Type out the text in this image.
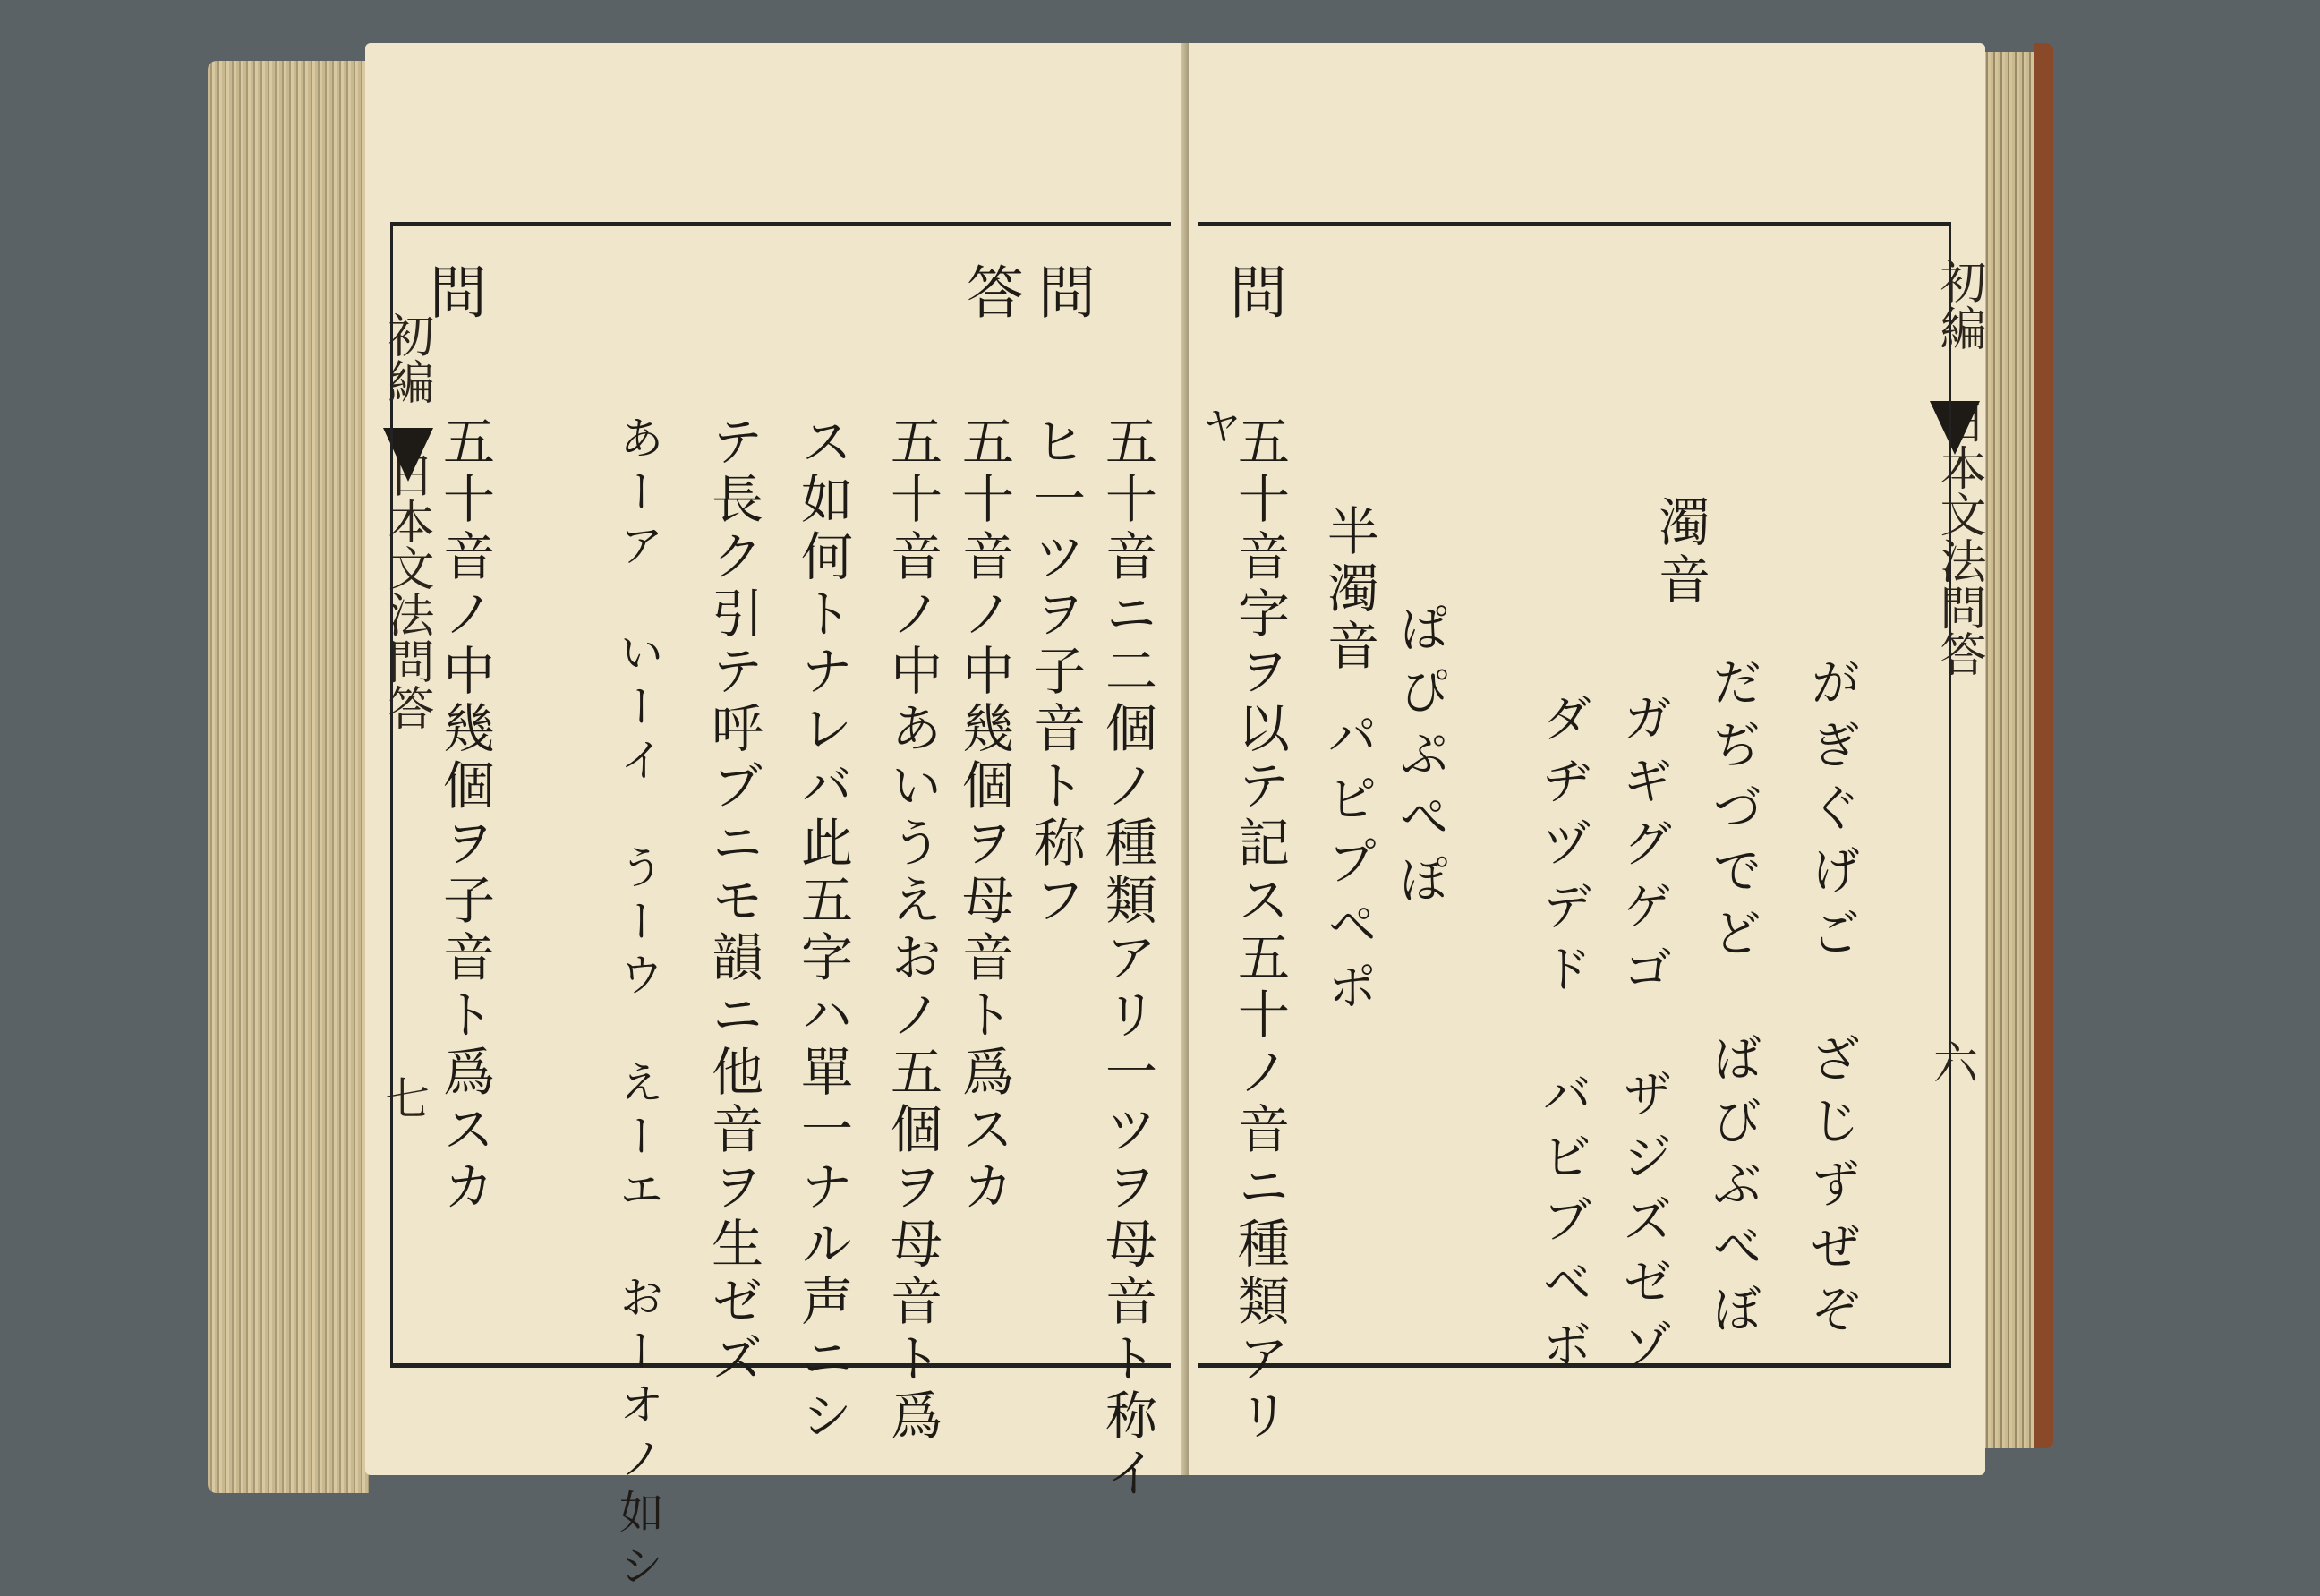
初編　日本文法問答
七
問
答
問
五十音ニ二個ノ種類アリ一ツヲ母音ト称イ
ヒ一ツヲ子音ト称フ
五十音ノ中幾個ヲ母音ト爲スカ
五十音ノ中あいうえおノ五個ヲ母音ト爲
ス如何トナレバ此五字ハ單一ナル声ニシ
テ長ク引テ呼ブニモ韻ニ他音ヲ生ゼズ
あーア　いーイ　うーウ　えーエ　おーオノ如シ
五十音ノ中幾個ヲ子音ト爲スカ	初編　日本文法問答
六
ヤ
問
五十音字ヲ以テ記ス五十ノ音ニ種類アリ 半濁音
ぱぴぷぺぽ
パピプペポ
濁音
ダヂヅデド　バビブベボ ガギグゲゴ　ザジズゼゾ だぢづでど　ばびぶべぼ がぎぐげご　ざじずぜぞ
